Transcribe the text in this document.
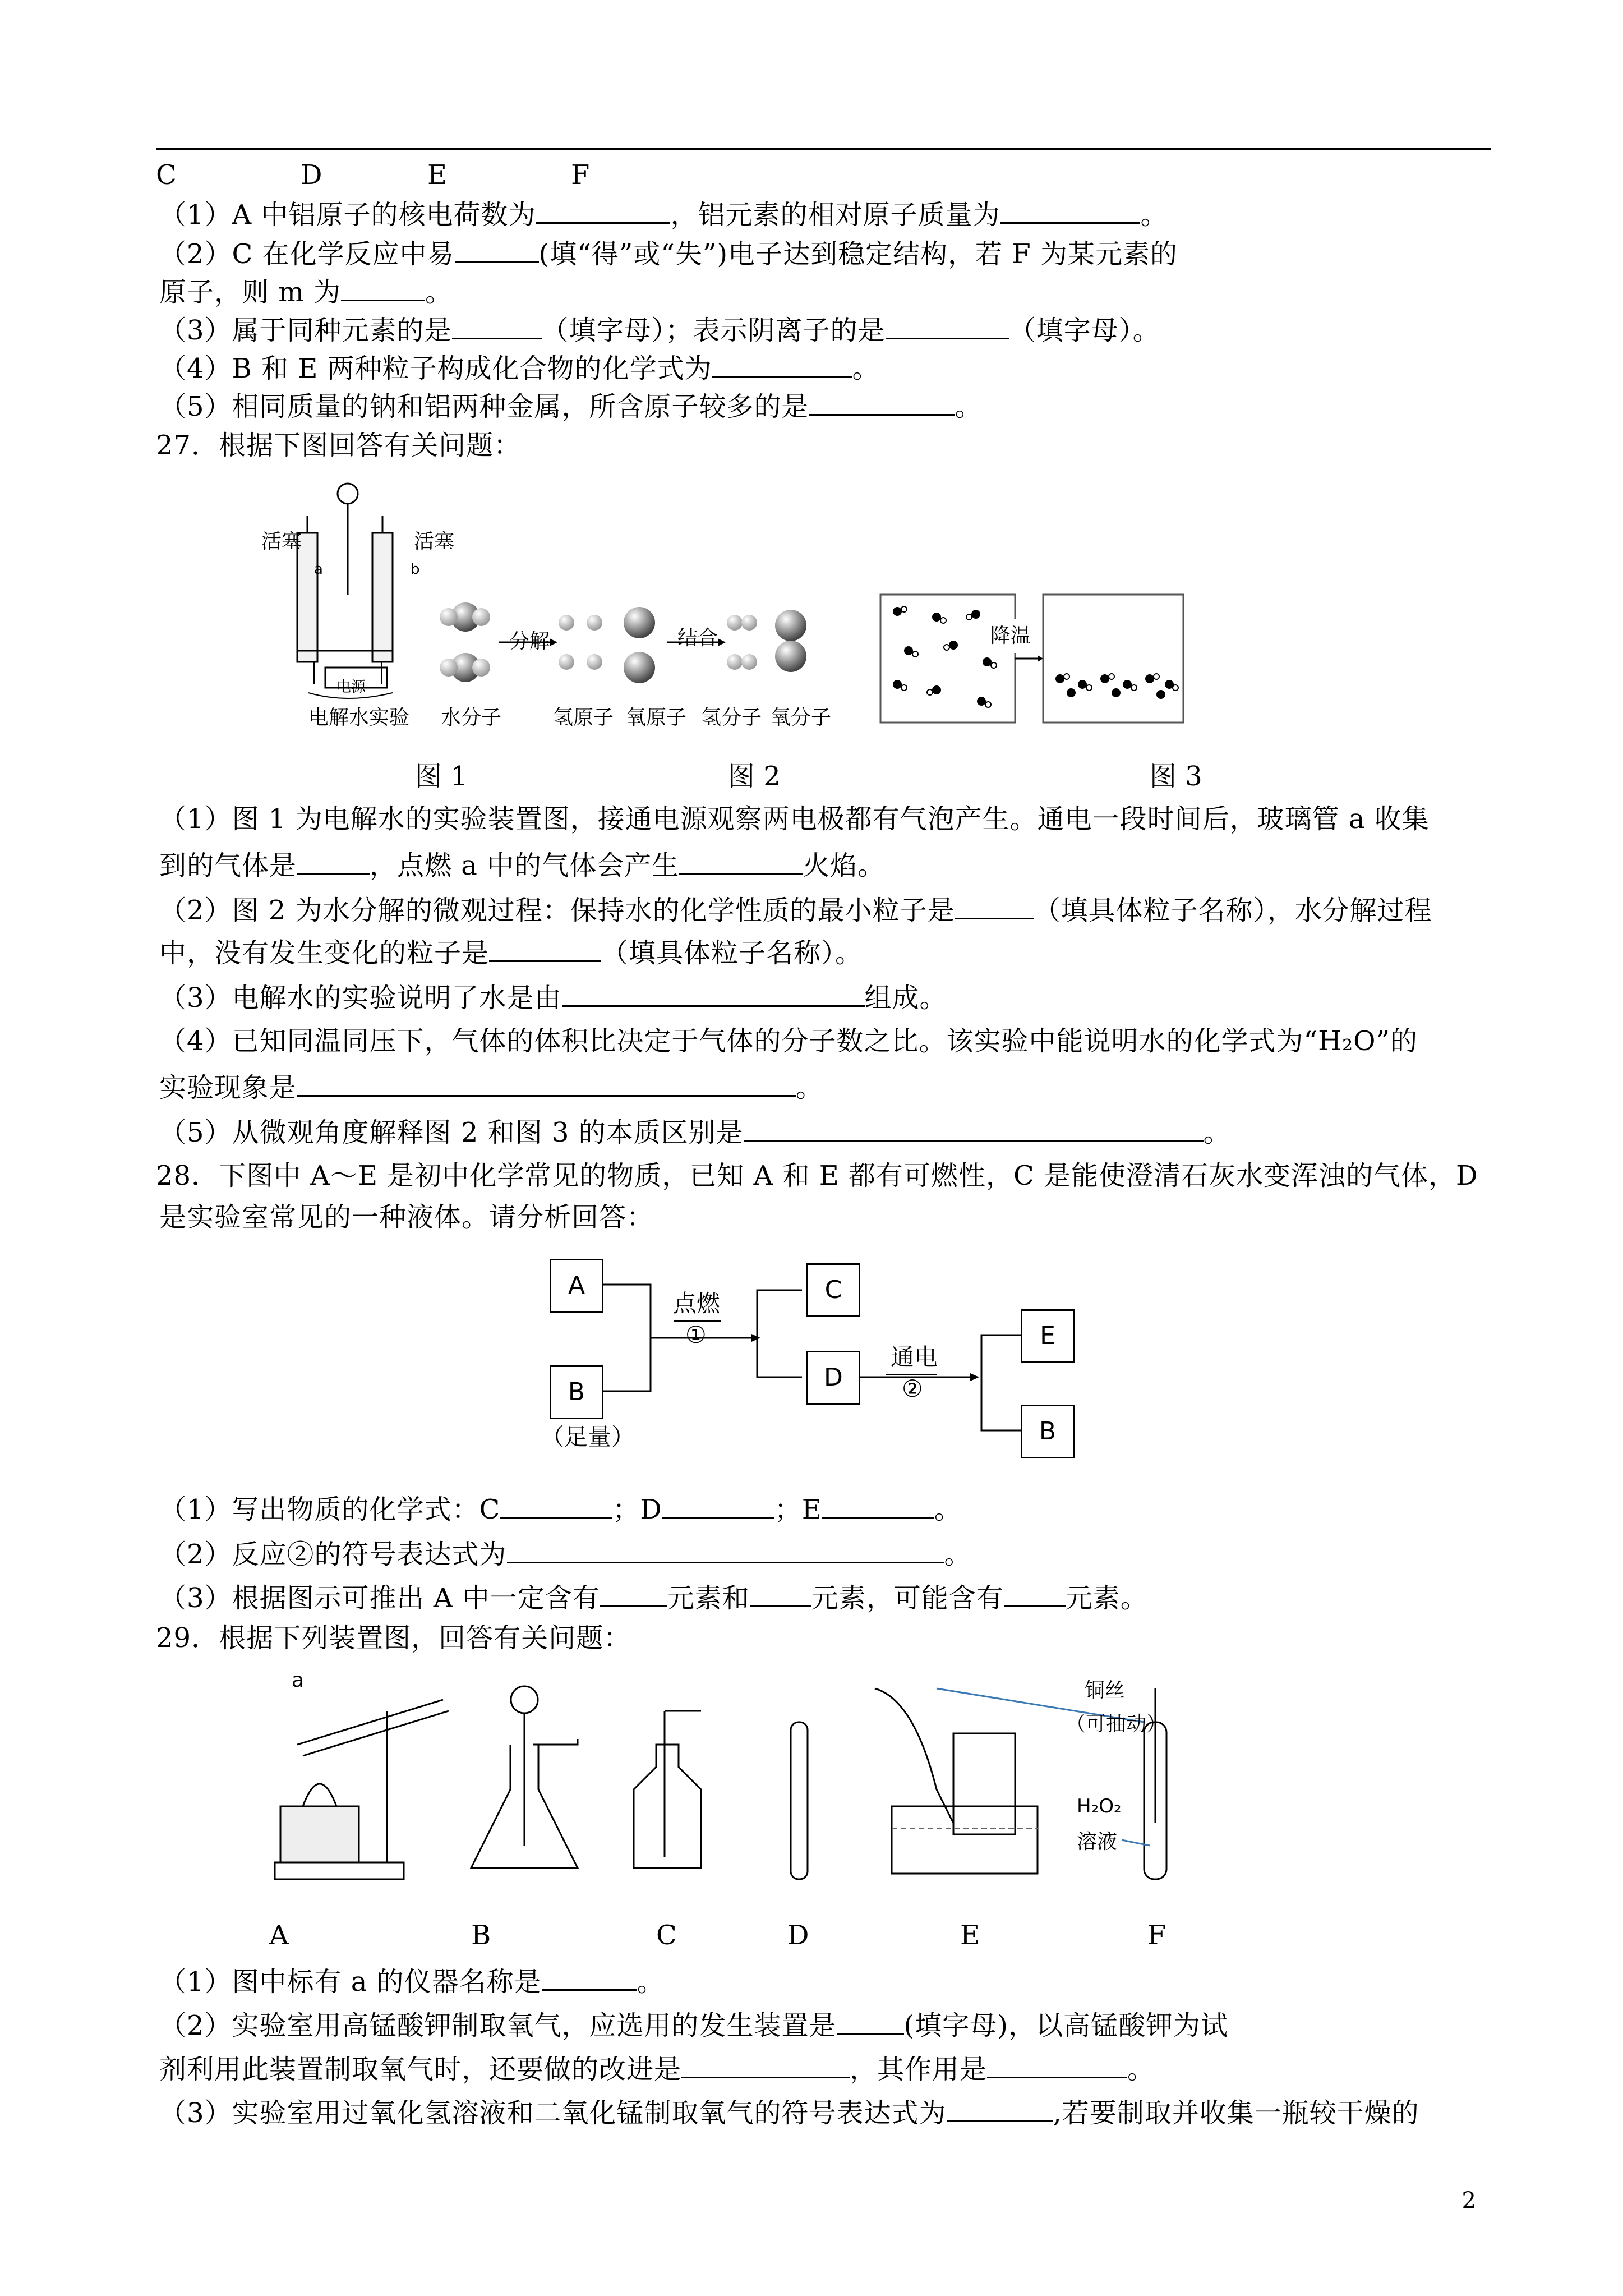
C	D	E	F
（1）A 中铝原子的核电荷数为	，铝元素的相对原子质量为	。
（2）C 在化学反应中易	(填“得”或“失”)电子达到稳定结构，若 F 为某元素的
原子，则 m 为	。
（3）属于同种元素的是	（填字母）；表示阴离子的是	（填字母）。
（4）B 和 E 两种粒子构成化合物的化学式为	。
（5）相同质量的钠和铝两种金属，所含原子较多的是	。
27．根据下图回答有关问题：
活塞	活塞
a	b
电源
电解水实验
分解	结合
水分子	氢原子 氧原子 氢分子 氧分子
降温
图 1	图 2	图 3
（1）图 1 为电解水的实验装置图，接通电源观察两电极都有气泡产生。通电一段时间后，玻璃管 a 收集
到的气体是	，点燃 a 中的气体会产生	火焰。
（2）图 2 为水分解的微观过程：保持水的化学性质的最小粒子是	（填具体粒子名称），水分解过程
中，没有发生变化的粒子是	（填具体粒子名称）。
（3）电解水的实验说明了水是由	组成。
（4）已知同温同压下，气体的体积比决定于气体的分子数之比。该实验中能说明水的化学式为“H₂O”的
实验现象是	。
（5）从微观角度解释图 2 和图 3 的本质区别是	。
28．下图中 A～E 是初中化学常见的物质，已知 A 和 E 都有可燃性，C 是能使澄清石灰水变浑浊的气体，D
是实验室常见的一种液体。请分析回答：
A
B
C
D
E
B
（足量）
点燃
①
通电
②
（1）写出物质的化学式：C	；D	；E	。
（2）反应②的符号表达式为	。
（3）根据图示可推出 A 中一定含有	元素和 元素，可能含有 元素。
29．根据下列装置图，回答有关问题：
a	铜丝
（可抽动）
H₂O₂
溶液
A	B	C	D	E	F
（1）图中标有 a 的仪器名称是	。
（2）实验室用高锰酸钾制取氧气，应选用的发生装置是	(填字母)，以高锰酸钾为试
剂利用此装置制取氧气时，还要做的改进是	，其作用是	。
（3）实验室用过氧化氢溶液和二氧化锰制取氧气的符号表达式为	,若要制取并收集一瓶较干燥的
2
